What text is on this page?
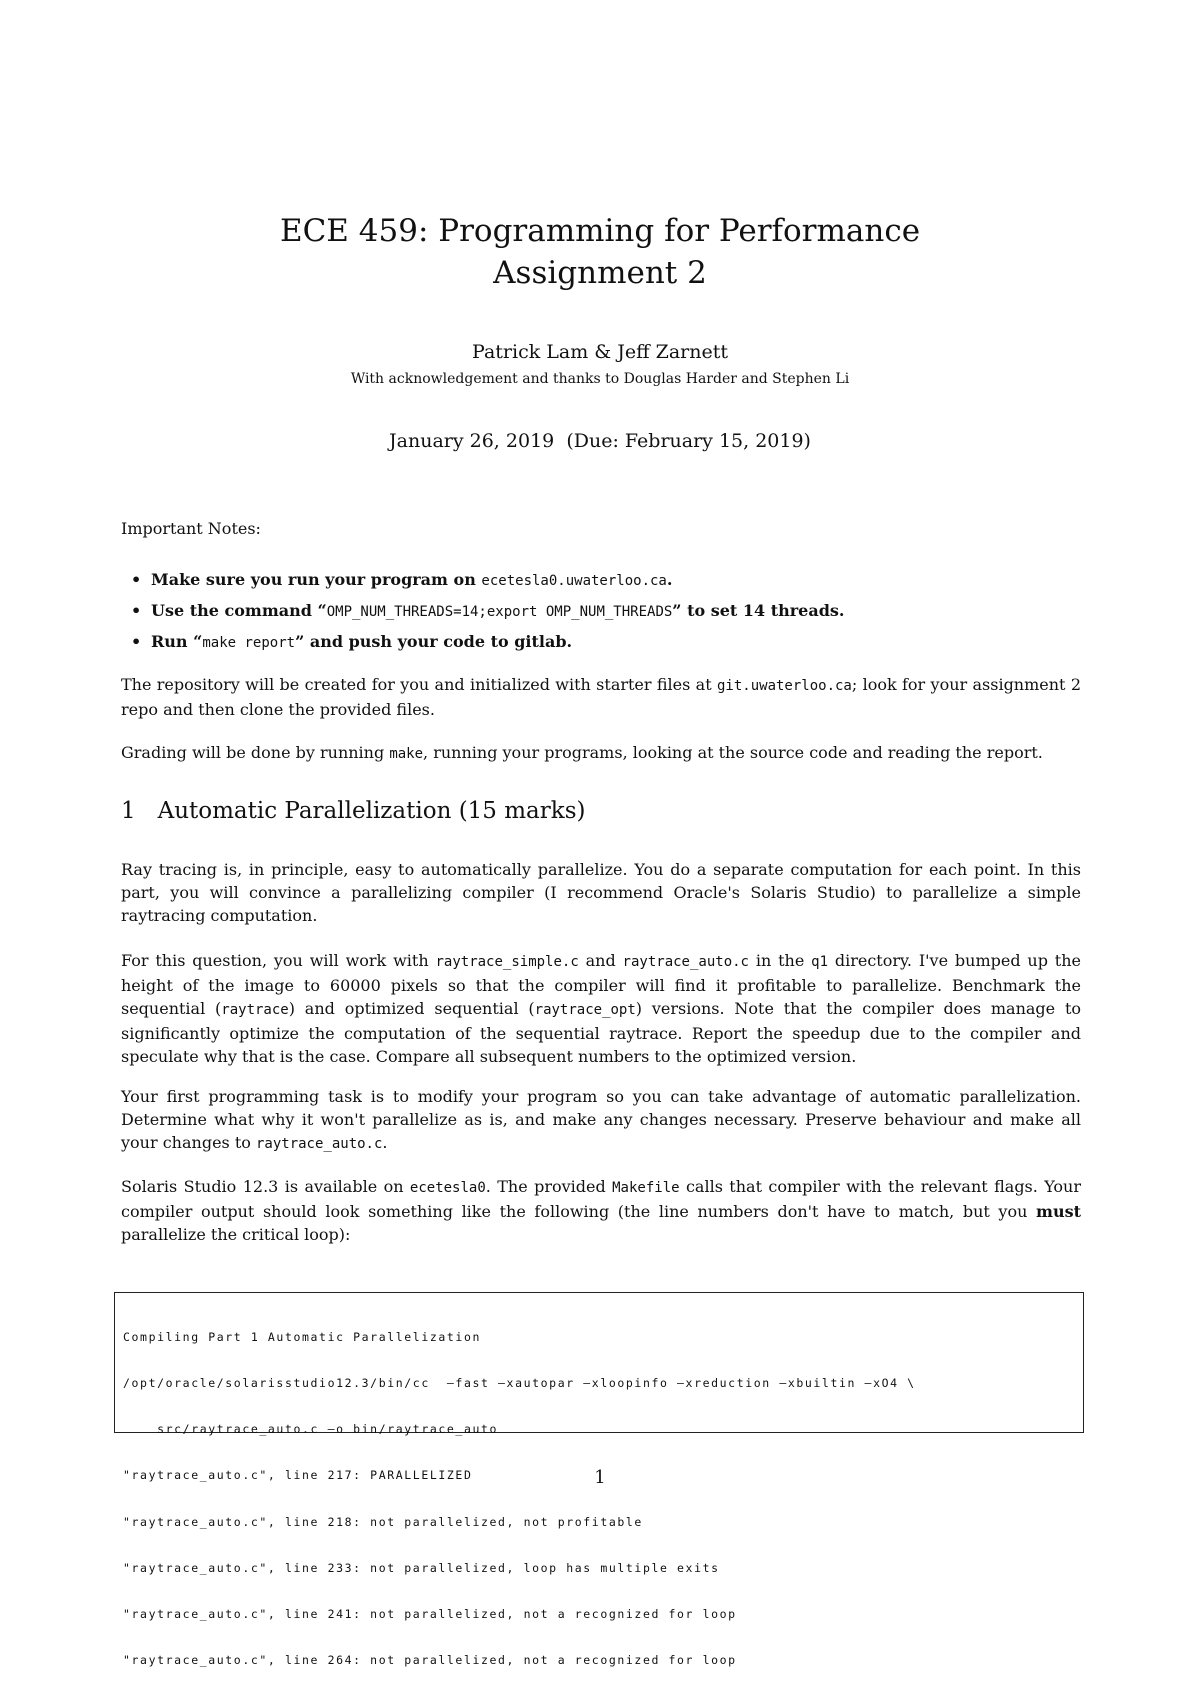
ECE 459: Programming for Performance
Assignment 2
Patrick Lam & Jeff Zarnett
With acknowledgement and thanks to Douglas Harder and Stephen Li
January 26, 2019  (Due: February 15, 2019)
Important Notes:
• Make sure you run your program on ecetesla0.uwaterloo.ca.
• Use the command “OMP_NUM_THREADS=14;export OMP_NUM_THREADS” to set 14 threads.
• Run “make report” and push your code to gitlab.
The repository will be created for you and initialized with starter files at git.uwaterloo.ca; look for your assignment 2 repo and then clone the provided files.
Grading will be done by running make, running your programs, looking at the source code and reading the report.
1 Automatic Parallelization (15 marks)
Ray tracing is, in principle, easy to automatically parallelize. You do a separate computation for each point. In this part, you will convince a parallelizing compiler (I recommend Oracle's Solaris Studio) to parallelize a simple raytracing computation.
For this question, you will work with raytrace_simple.c and raytrace_auto.c in the q1 directory. I've bumped up the height of the image to 60000 pixels so that the compiler will find it profitable to parallelize. Benchmark the sequential (raytrace) and optimized sequential (raytrace_opt) versions. Note that the compiler does manage to significantly optimize the computation of the sequential raytrace. Report the speedup due to the compiler and speculate why that is the case. Compare all subsequent numbers to the optimized version.
Your first programming task is to modify your program so you can take advantage of automatic parallelization. Determine what why it won't parallelize as is, and make any changes necessary. Preserve behaviour and make all your changes to raytrace_auto.c.
Solaris Studio 12.3 is available on ecetesla0. The provided Makefile calls that compiler with the relevant flags. Your compiler output should look something like the following (the line numbers don't have to match, but you must parallelize the critical loop):

Compiling Part 1 Automatic Parallelization

/opt/oracle/solarisstudio12.3/bin/cc  —fast —xautopar —xloopinfo —xreduction —xbuiltin —xO4 \

src/raytrace_auto.c —o bin/raytrace_auto

"raytrace_auto.c", line 217: PARALLELIZED

"raytrace_auto.c", line 218: not parallelized, not profitable

"raytrace_auto.c", line 233: not parallelized, loop has multiple exits

"raytrace_auto.c", line 241: not parallelized, not a recognized for loop

"raytrace_auto.c", line 264: not parallelized, not a recognized for loop

1
